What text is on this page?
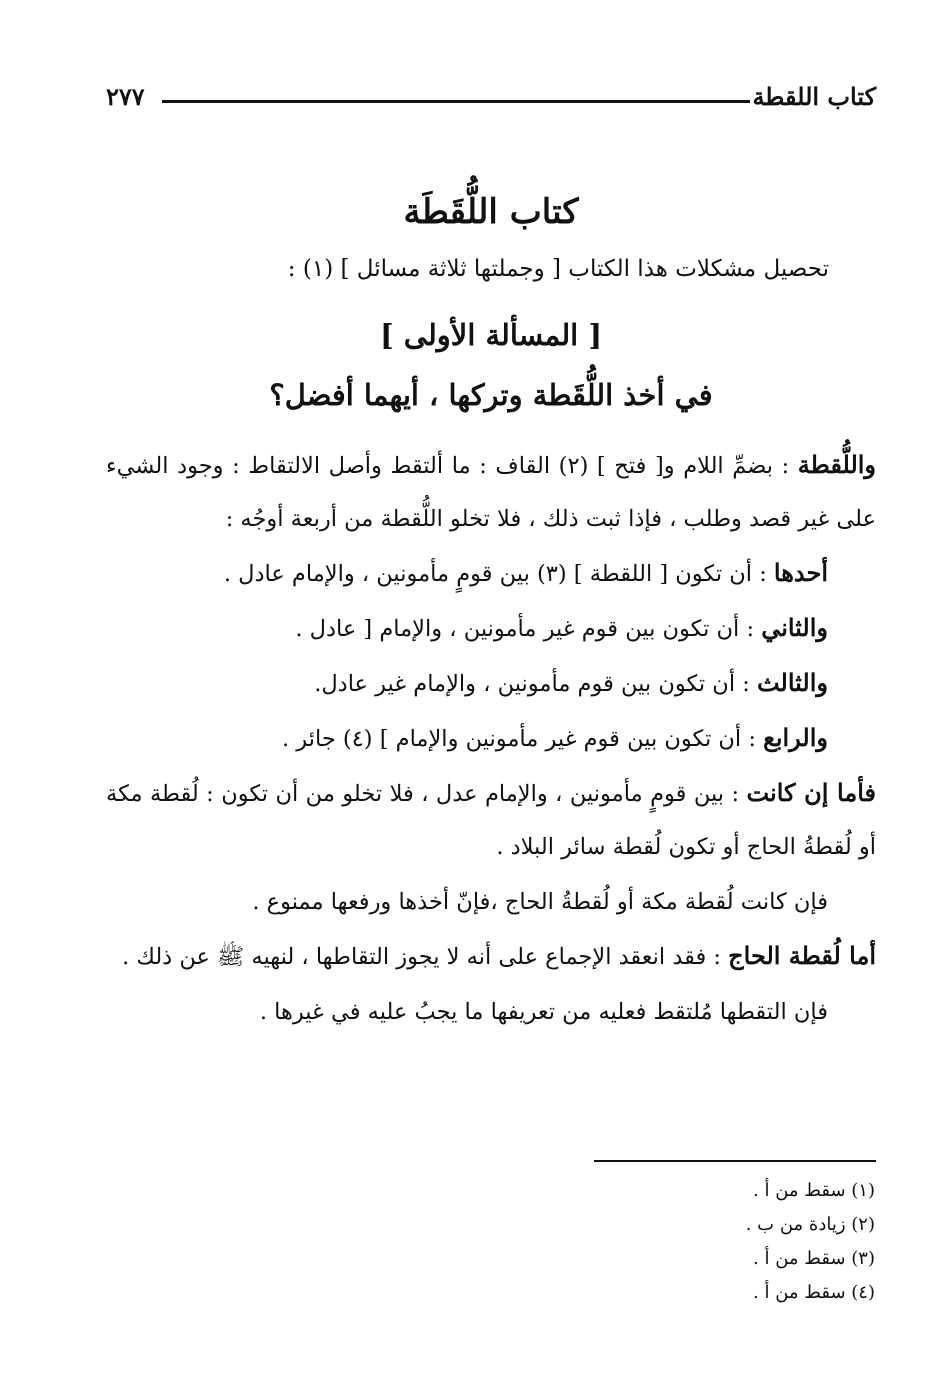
كتاب اللقطة
٢٧٧
كتاب اللُّقَطَة
تحصيل مشكلات هذا الكتاب [ وجملتها ثلاثة مسائل ] (١) :
[ المسألة الأولى ]
في أخذ اللُّقَطة وتركها ، أيهما أفضل؟

واللُّقطة : بضمِّ اللام و[ فتح ] (٢) القاف : ما ألتقط وأصل الالتقاط : وجود الشيء على غير قصد وطلب ، فإذا ثبت ذلك ، فلا تخلو اللُّقطة من أربعة أوجُه :

أحدها : أن تكون [ اللقطة ] (٣) بين قومٍ مأمونين ، والإمام عادل .

والثاني : أن تكون بين قوم غير مأمونين ، والإمام [ عادل .

والثالث : أن تكون بين قوم مأمونين ، والإمام غير عادل.

والرابع : أن تكون بين قوم غير مأمونين والإمام ] (٤) جائر .

فأما إن كانت : بين قومٍ مأمونين ، والإمام عدل ، فلا تخلو من أن تكون : لُقطة مكة أو لُقطةُ الحاج أو تكون لُقطة سائر البلاد .

فإن كانت لُقطة مكة أو لُقطةُ الحاج ،فإنّ أخذها ورفعها ممنوع .

أما لُقطة الحاج : فقد انعقد الإجماع على أنه لا يجوز التقاطها ، لنهيه ﷺ عن ذلك .

فإن التقطها مُلتقط فعليه من تعريفها ما يجبُ عليه في غيرها .

(١) سقط من أ .
(٢) زيادة من ب .
(٣) سقط من أ .
(٤) سقط من أ .
